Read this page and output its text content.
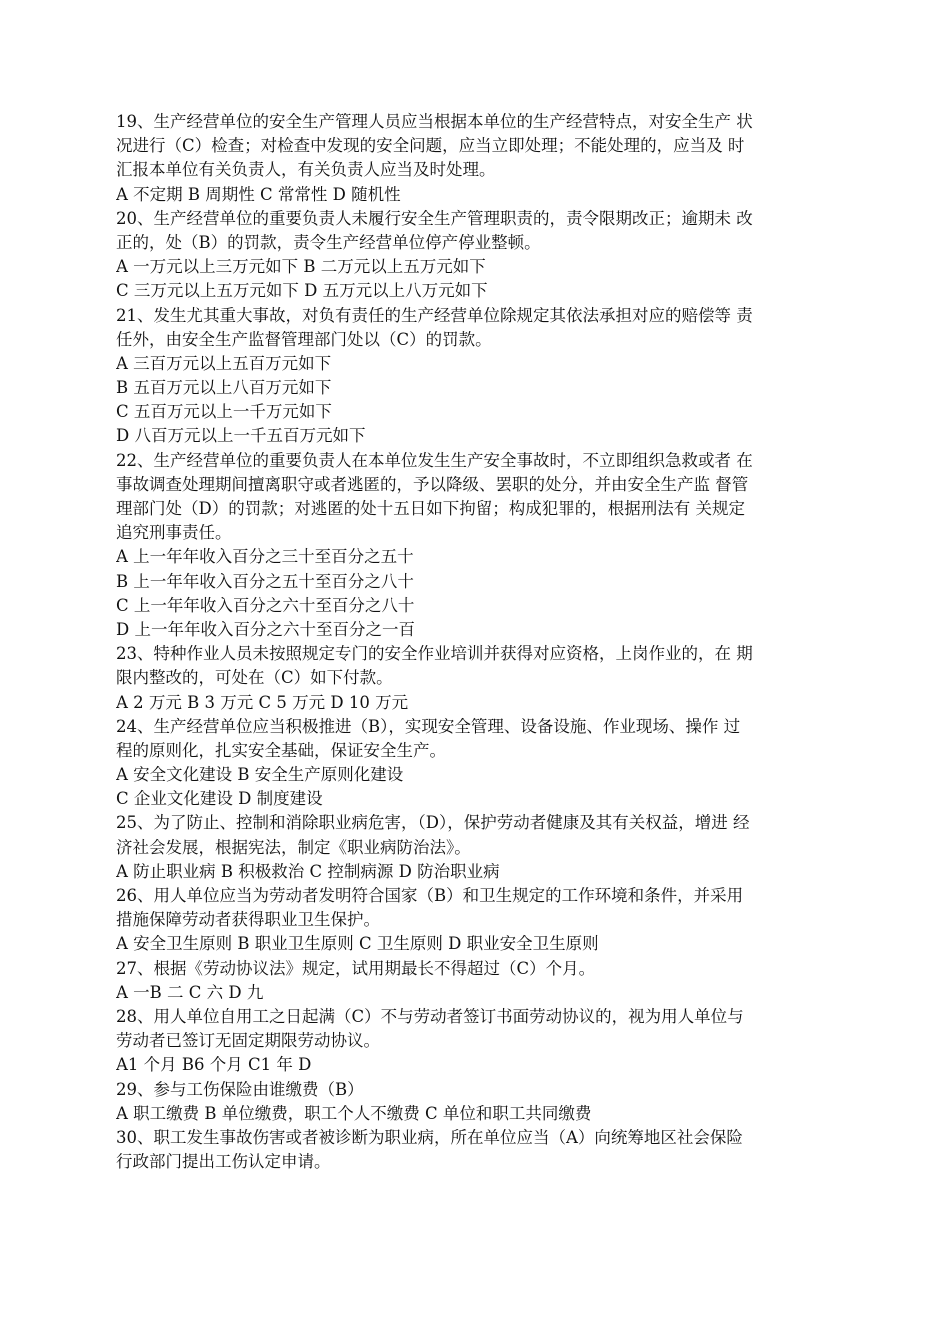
19、生产经营单位的安全生产管理人员应当根据本单位的生产经营特点，对安全生产 状
况进行（C）检查；对检查中发现的安全问题，应当立即处理；不能处理的，应当及 时
汇报本单位有关负责人，有关负责人应当及时处理。
A 不定期 B 周期性 C 常常性 D 随机性
20、生产经营单位的重要负责人未履行安全生产管理职责的，责令限期改正；逾期未 改
正的，处（B）的罚款，责令生产经营单位停产停业整顿。
A 一万元以上三万元如下 B 二万元以上五万元如下
C 三万元以上五万元如下 D 五万元以上八万元如下
21、发生尤其重大事故，对负有责任的生产经营单位除规定其依法承担对应的赔偿等 责
任外，由安全生产监督管理部门处以（C）的罚款。
A 三百万元以上五百万元如下
B 五百万元以上八百万元如下
C 五百万元以上一千万元如下
D 八百万元以上一千五百万元如下
22、生产经营单位的重要负责人在本单位发生生产安全事故时，不立即组织急救或者 在
事故调查处理期间擅离职守或者逃匿的，予以降级、罢职的处分，并由安全生产监 督管
理部门处（D）的罚款；对逃匿的处十五日如下拘留；构成犯罪的，根据刑法有 关规定
追究刑事责任。
A 上一年年收入百分之三十至百分之五十
B 上一年年收入百分之五十至百分之八十
C 上一年年收入百分之六十至百分之八十
D 上一年年收入百分之六十至百分之一百
23、特种作业人员未按照规定专门的安全作业培训并获得对应资格，上岗作业的，在 期
限内整改的，可处在（C）如下付款。
A 2 万元 B 3 万元 C 5 万元 D 10 万元
24、生产经营单位应当积极推进（B），实现安全管理、设备设施、作业现场、操作 过
程的原则化，扎实安全基础，保证安全生产。
A 安全文化建设 B 安全生产原则化建设
C 企业文化建设 D 制度建设
25、为了防止、控制和消除职业病危害，（D），保护劳动者健康及其有关权益，增进 经
济社会发展，根据宪法，制定《职业病防治法》。
A 防止职业病 B 积极救治 C 控制病源 D 防治职业病
26、用人单位应当为劳动者发明符合国家（B）和卫生规定的工作环境和条件，并采用
措施保障劳动者获得职业卫生保护。
A 安全卫生原则 B 职业卫生原则 C 卫生原则 D 职业安全卫生原则
27、根据《劳动协议法》规定，试用期最长不得超过（C）个月。
A 一B 二 C 六 D 九
28、用人单位自用工之日起满（C）不与劳动者签订书面劳动协议的，视为用人单位与
劳动者已签订无固定期限劳动协议。
A1 个月 B6 个月 C1 年 D
29、参与工伤保险由谁缴费（B）
A 职工缴费 B 单位缴费，职工个人不缴费 C 单位和职工共同缴费
30、职工发生事故伤害或者被诊断为职业病，所在单位应当（A）向统筹地区社会保险
行政部门提出工伤认定申请。
